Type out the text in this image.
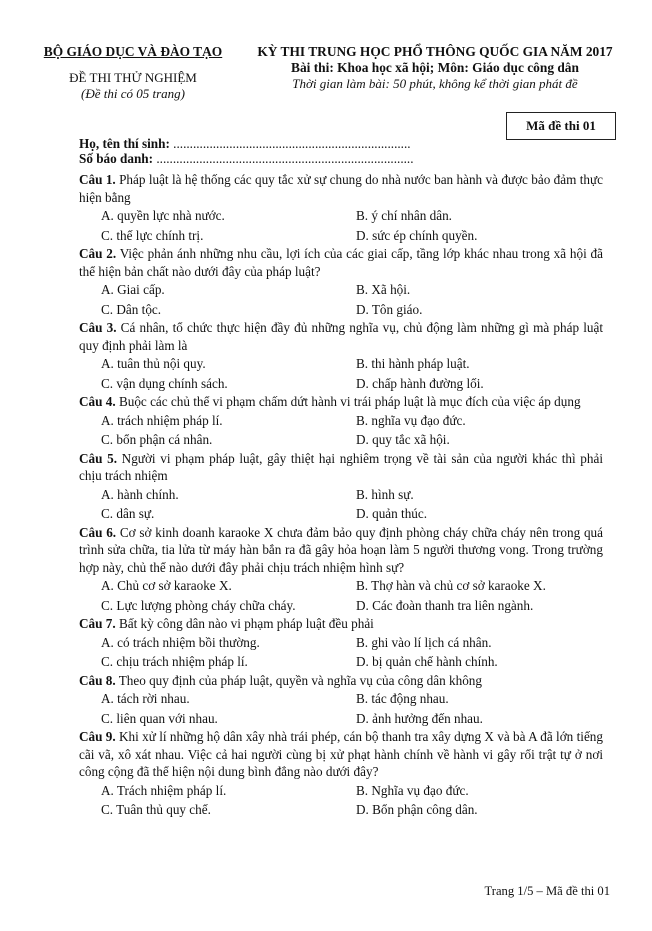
BỘ GIÁO DỤC VÀ ĐÀO TẠO
ĐỀ THI THỬ NGHIỆM
(Đề thi có 05 trang)
KỲ THI TRUNG HỌC PHỔ THÔNG QUỐC GIA NĂM 2017
Bài thi: Khoa học xã hội; Môn: Giáo dục công dân
Thời gian làm bài: 50 phút, không kể thời gian phát đề
Mã đề thi 01
Họ, tên thí sinh: ........................................................................
Số báo danh: ..............................................................................
Câu 1. Pháp luật là hệ thống các quy tắc xử sự chung do nhà nước ban hành và được bảo đảm thực hiện bằng
A. quyền lực nhà nước.	B. ý chí nhân dân.
C. thế lực chính trị.	D. sức ép chính quyền.
Câu 2. Việc phản ánh những nhu cầu, lợi ích của các giai cấp, tầng lớp khác nhau trong xã hội đã thể hiện bản chất nào dưới đây của pháp luật?
A. Giai cấp.	B. Xã hội.
C. Dân tộc.	D. Tôn giáo.
Câu 3. Cá nhân, tổ chức thực hiện đầy đủ những nghĩa vụ, chủ động làm những gì mà pháp luật quy định phải làm là
A. tuân thủ nội quy.	B. thi hành pháp luật.
C. vận dụng chính sách.	D. chấp hành đường lối.
Câu 4. Buộc các chủ thể vi phạm chấm dứt hành vi trái pháp luật là mục đích của việc áp dụng
A. trách nhiệm pháp lí.	B. nghĩa vụ đạo đức.
C. bổn phận cá nhân.	D. quy tắc xã hội.
Câu 5. Người vi phạm pháp luật, gây thiệt hại nghiêm trọng về tài sản của người khác thì phải chịu trách nhiệm
A. hành chính.	B. hình sự.
C. dân sự.	D. quản thúc.
Câu 6. Cơ sở kinh doanh karaoke X chưa đảm bảo quy định phòng cháy chữa cháy nên trong quá trình sửa chữa, tia lửa từ máy hàn bắn ra đã gây hỏa hoạn làm 5 người thương vong. Trong trường hợp này, chủ thể nào dưới đây phải chịu trách nhiệm hình sự?
A. Chủ cơ sở karaoke X.	B. Thợ hàn và chủ cơ sở karaoke X.
C. Lực lượng phòng cháy chữa cháy.	D. Các đoàn thanh tra liên ngành.
Câu 7. Bất kỳ công dân nào vi phạm pháp luật đều phải
A. có trách nhiệm bồi thường.	B. ghi vào lí lịch cá nhân.
C. chịu trách nhiệm pháp lí.	D. bị quản chế hành chính.
Câu 8. Theo quy định của pháp luật, quyền và nghĩa vụ của công dân không
A. tách rời nhau.	B. tác động nhau.
C. liên quan với nhau.	D. ảnh hưởng đến nhau.
Câu 9. Khi xử lí những hộ dân xây nhà trái phép, cán bộ thanh tra xây dựng X và bà A đã lớn tiếng cãi vã, xô xát nhau. Việc cả hai người cùng bị xử phạt hành chính về hành vi gây rối trật tự ở nơi công cộng đã thể hiện nội dung bình đẳng nào dưới đây?
A. Trách nhiệm pháp lí.	B. Nghĩa vụ đạo đức.
C. Tuân thủ quy chế.	D. Bổn phận công dân.
Trang 1/5 – Mã đề thi 01
